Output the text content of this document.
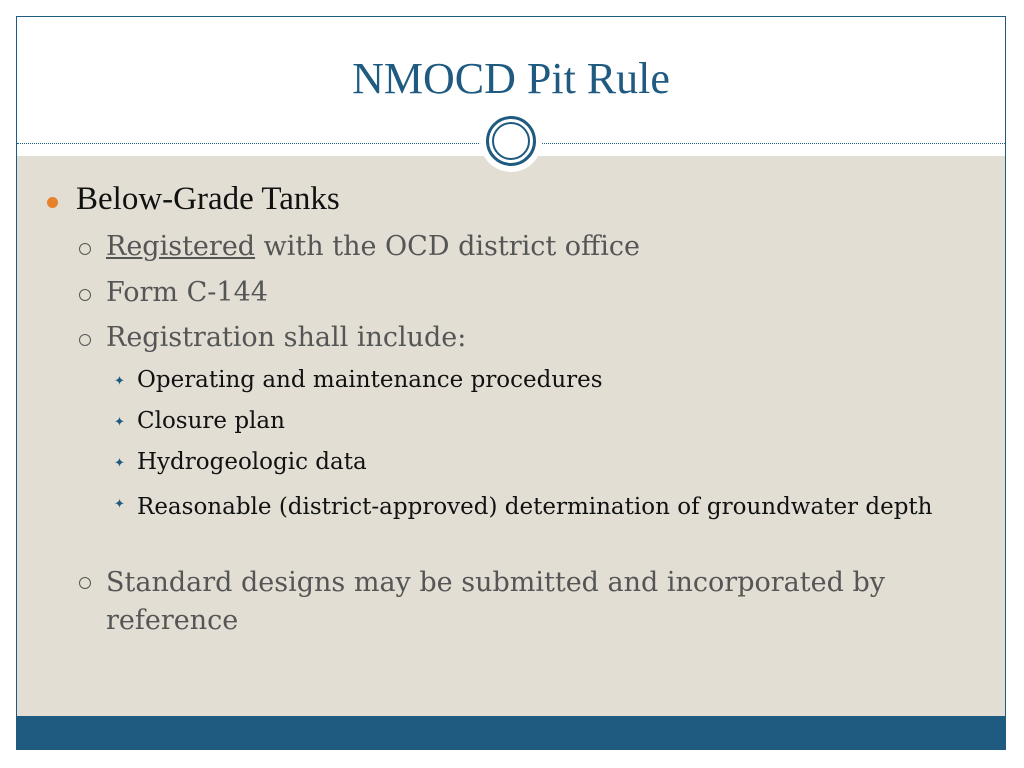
NMOCD Pit Rule
Below-Grade Tanks
Registered with the OCD district office
Form C-144
Registration shall include:
✦ Operating and maintenance procedures
✦ Closure plan
✦ Hydrogeologic data
✦ Reasonable (district-approved) determination of groundwater depth
Standard designs may be submitted and incorporated by reference
